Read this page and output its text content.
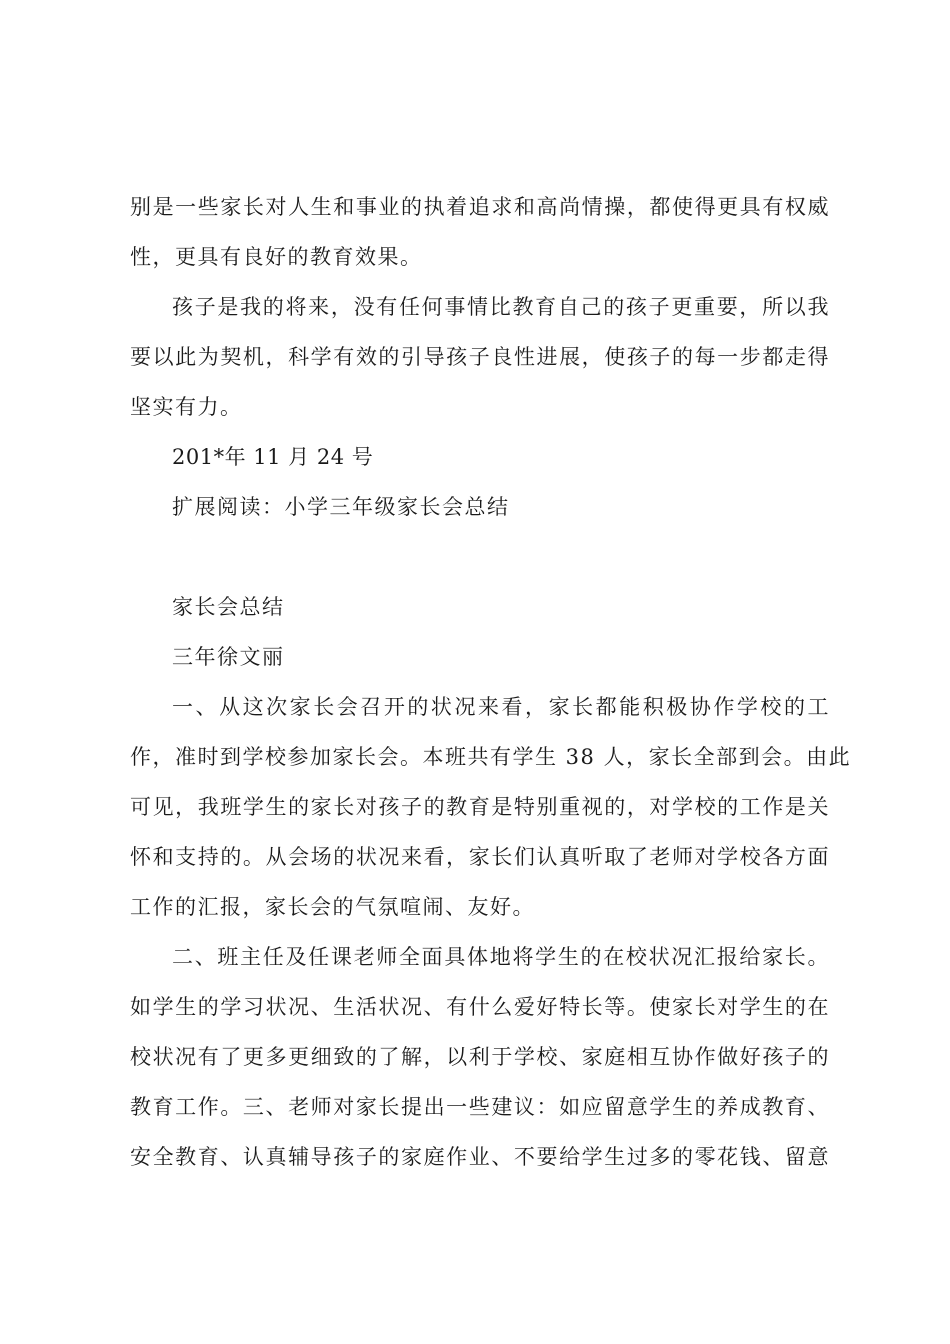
别是一些家长对人生和事业的执着追求和高尚情操，都使得更具有权威
性，更具有良好的教育效果。
孩子是我的将来，没有任何事情比教育自己的孩子更重要，所以我
要以此为契机，科学有效的引导孩子良性进展，使孩子的每一步都走得
坚实有力。
201*年 11 月 24 号
扩展阅读：小学三年级家长会总结
家长会总结
三年徐文丽
一、从这次家长会召开的状况来看，家长都能积极协作学校的工
作，准时到学校参加家长会。本班共有学生 38 人，家长全部到会。由此
可见，我班学生的家长对孩子的教育是特别重视的，对学校的工作是关
怀和支持的。从会场的状况来看，家长们认真听取了老师对学校各方面
工作的汇报，家长会的气氛喧闹、友好。
二、班主任及任课老师全面具体地将学生的在校状况汇报给家长。
如学生的学习状况、生活状况、有什么爱好特长等。使家长对学生的在
校状况有了更多更细致的了解，以利于学校、家庭相互协作做好孩子的
教育工作。三、老师对家长提出一些建议：如应留意学生的养成教育、
安全教育、认真辅导孩子的家庭作业、不要给学生过多的零花钱、留意
